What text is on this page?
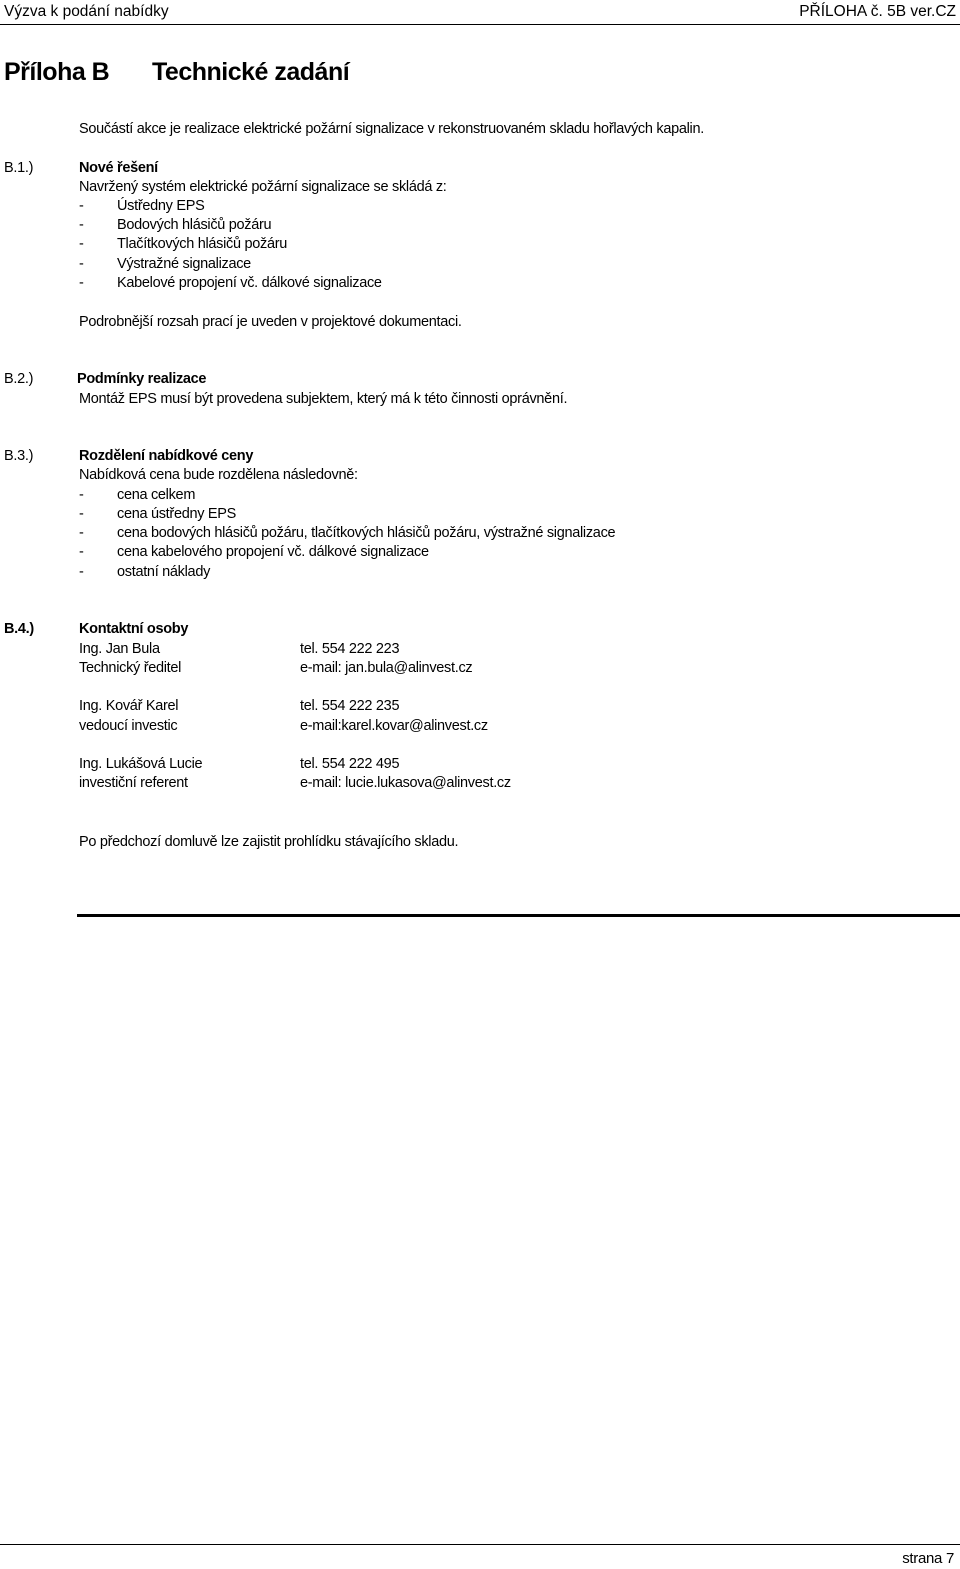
Výzva k podání nabídky	PŘÍLOHA č. 5B ver.CZ
Příloha B Technické zadání
Součástí akce je realizace elektrické požární signalizace v rekonstruovaném skladu hořlavých kapalin.
B.1.)	Nové řešení
Navržený systém elektrické požární signalizace se skládá z:
- Ústředny EPS
- Bodových hlásičů požáru
- Tlačítkových hlásičů požáru
- Výstražné signalizace
- Kabelové propojení vč. dálkové signalizace
Podrobnější rozsah prací je uveden v projektové dokumentaci.
B.2.)	Podmínky realizace
Montáž EPS musí být provedena subjektem, který má k této činnosti oprávnění.
B.3.)	Rozdělení nabídkové ceny
Nabídková cena bude rozdělena následovně:
- cena celkem
- cena ústředny EPS
- cena bodových hlásičů požáru, tlačítkových hlásičů požáru, výstražné signalizace
- cena kabelového propojení vč. dálkové signalizace
- ostatní náklady
B.4.)	Kontaktní osoby
Ing. Jan Bula	tel. 554 222 223
Technický ředitel	e-mail: jan.bula@alinvest.cz
Ing. Kovář Karel	tel. 554 222 235
vedoucí investic	e-mail:karel.kovar@alinvest.cz
Ing. Lukášová Lucie	tel. 554 222 495
investiční referent	e-mail: lucie.lukasova@alinvest.cz
Po předchozí domluvě lze zajistit prohlídku stávajícího skladu.
strana 7
